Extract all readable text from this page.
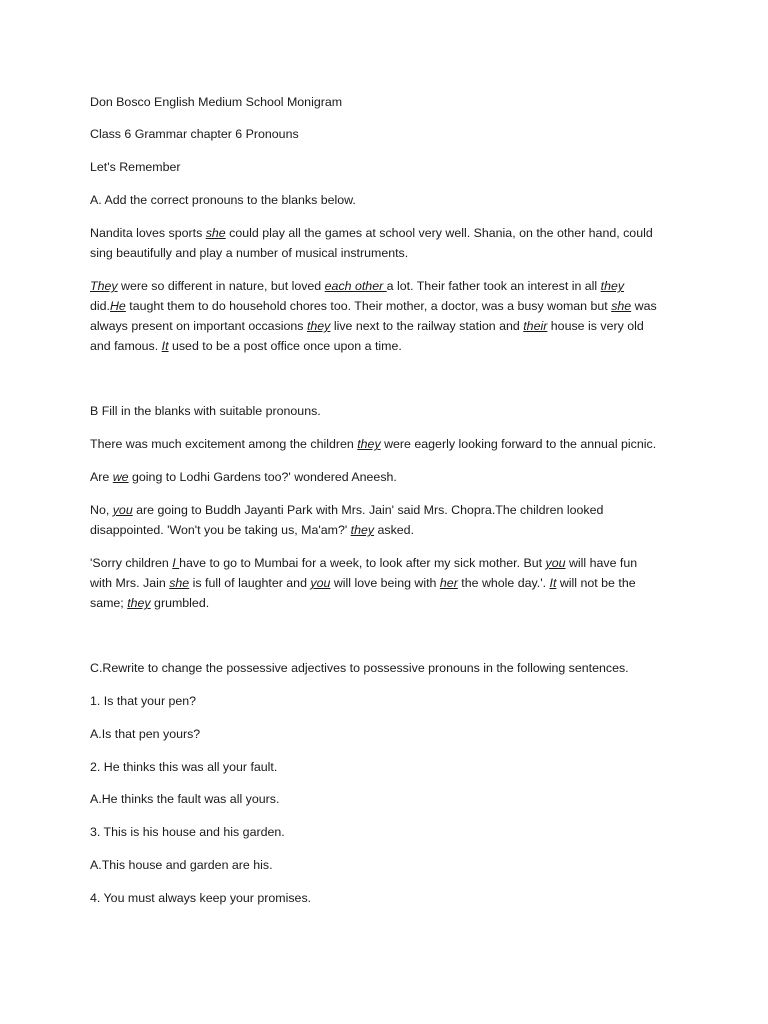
Don Bosco English Medium School Monigram
Class 6 Grammar chapter 6 Pronouns
Let's Remember
A. Add the correct pronouns to the blanks below.
Nandita loves sports she could play all the games at school very well. Shania, on the other hand, could
sing beautifully and play a number of musical instruments.
They were so different in nature, but loved each other a lot. Their father took an interest in all they
did.He taught them to do household chores too. Their mother, a doctor, was a busy woman but she was
always present on important occasions they live next to the railway station and their house is very old
and famous. It used to be a post office once upon a time.
B Fill in the blanks with suitable pronouns.
There was much excitement among the children they were eagerly looking forward to the annual picnic.
Are we going to Lodhi Gardens too?' wondered Aneesh.
No, you are going to Buddh Jayanti Park with Mrs. Jain' said Mrs. Chopra.The children looked
disappointed. 'Won't you be taking us, Ma'am?' they asked.
'Sorry children I have to go to Mumbai for a week, to look after my sick mother. But you will have fun
with Mrs. Jain she is full of laughter and you will love being with her the whole day.'. It will not be the
same; they grumbled.
C.Rewrite to change the possessive adjectives to possessive pronouns in the following sentences.
1. Is that your pen?
A.Is that pen yours?
2. He thinks this was all your fault.
A.He thinks the fault was all yours.
3. This is his house and his garden.
A.This house and garden are his.
4. You must always keep your promises.
